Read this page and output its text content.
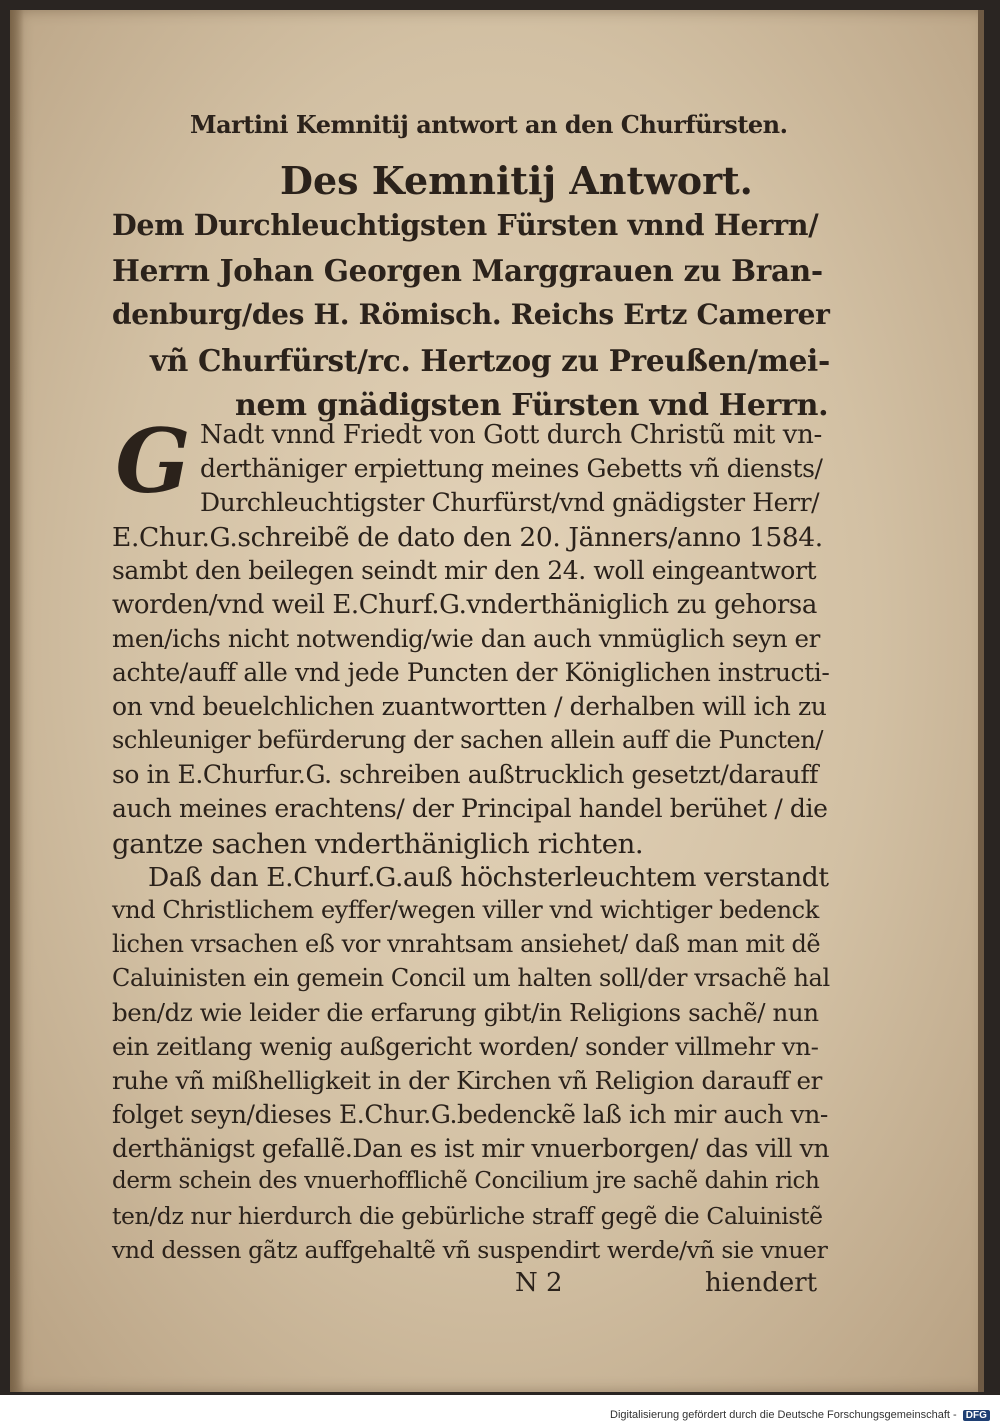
Martini Kemnitij antwort an den Churfürsten.
Des Kemnitij Antwort.
Dem Durchleuchtigsten Fürsten vnnd Herrn/
Herrn Johan Georgen Marggrauen zu Bran-
denburg/des H. Römisch. Reichs Ertz Camerer
vñ Churfürst/rc. Hertzog zu Preußen/mei-
nem gnädigsten Fürsten vnd Herrn.
G Nadt vnnd Friedt von Gott durch Christũ mit vn-
derthäniger erpiettung meines Gebetts vñ diensts/
Durchleuchtigster Churfürst/vnd gnädigster Herr/
E.Chur.G.schreibẽ de dato den 20. Jänners/anno 1584.
sambt den beilegen seindt mir den 24. woll eingeantwort
worden/vnd weil E.Churf.G.vnderthäniglich zu gehorsa
men/ichs nicht notwendig/wie dan auch vnmüglich seyn er
achte/auff alle vnd jede Puncten der Königlichen instructi-
on vnd beuelchlichen zuantwortten / derhalben will ich zu
schleuniger befürderung der sachen allein auff die Puncten/
so in E.Churfur.G. schreiben außtrucklich gesetzt/darauff
auch meines erachtens/ der Principal handel berühet / die
gantze sachen vnderthäniglich richten.
Daß dan E.Churf.G.auß höchsterleuchtem verstandt
vnd Christlichem eyffer/wegen viller vnd wichtiger bedenck
lichen vrsachen eß vor vnrahtsam ansiehet/ daß man mit dẽ
Caluinisten ein gemein Concil um halten soll/der vrsachẽ hal
ben/dz wie leider die erfarung gibt/in Religions sachẽ/ nun
ein zeitlang wenig außgericht worden/ sonder villmehr vn-
ruhe vñ mißhelligkeit in der Kirchen vñ Religion darauff er
folget seyn/dieses E.Chur.G.bedenckẽ laß ich mir auch vn-
derthänigst gefallẽ.Dan es ist mir vnuerborgen/ das vill vn
derm schein des vnuerhofflichẽ Concilium jre sachẽ dahin rich
ten/dz nur hierdurch die gebürliche straff gegẽ die Caluinistẽ
vnd dessen gãtz auffgehaltẽ vñ suspendirt werde/vñ sie vnuer
N 2	hiendert
Digitalisierung gefördert durch die Deutsche Forschungsgemeinschaft - DFG
